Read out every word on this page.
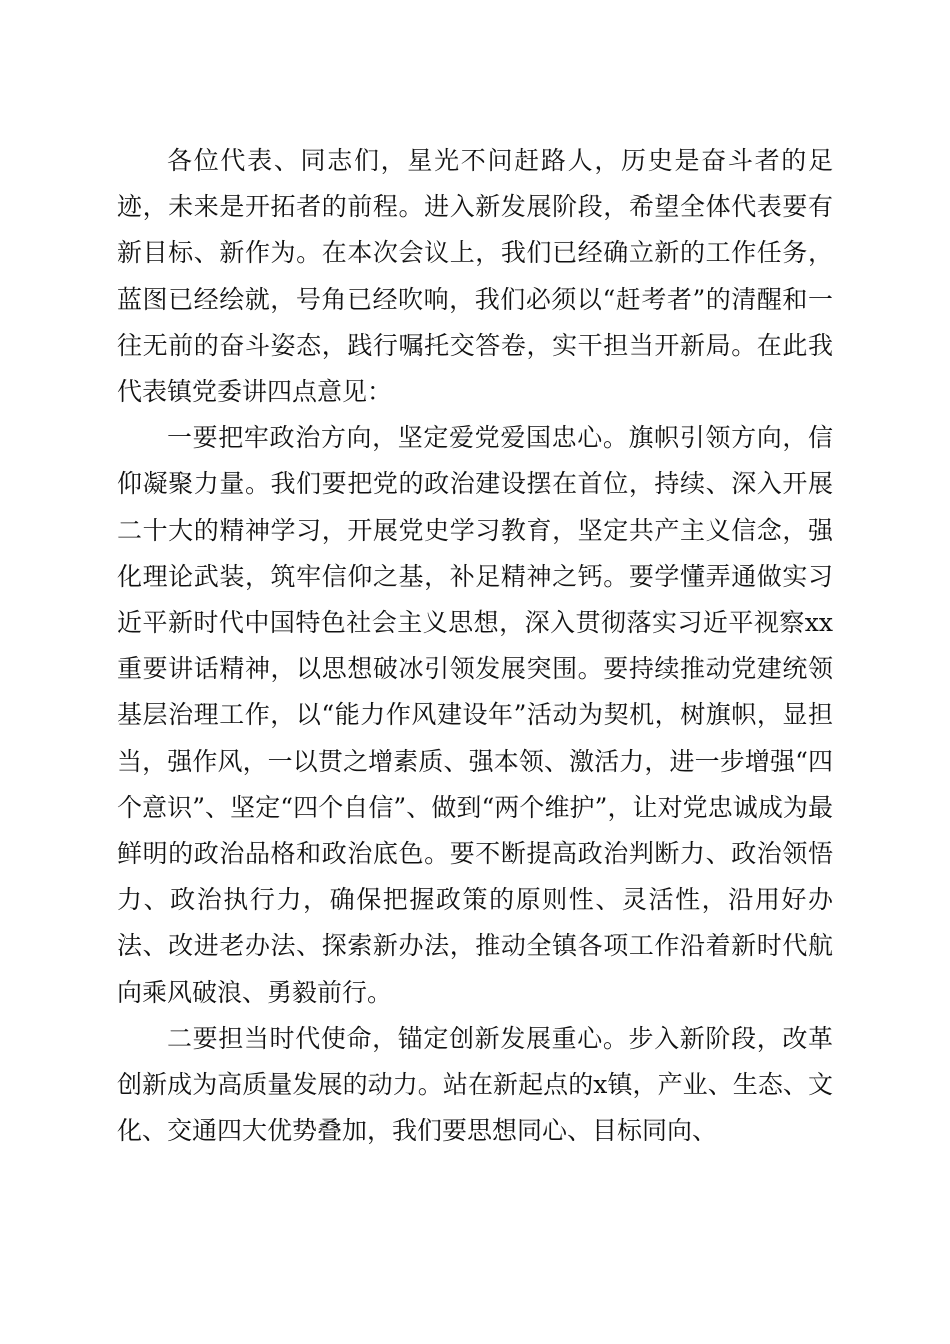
各位代表、同志们，星光不问赶路人，历史是奋斗者的足迹，未来是开拓者的前程。进入新发展阶段，希望全体代表要有新目标、新作为。在本次会议上，我们已经确立新的工作任务，蓝图已经绘就，号角已经吹响，我们必须以“赶考者”的清醒和一往无前的奋斗姿态，践行嘱托交答卷，实干担当开新局。在此我代表镇党委讲四点意见：

一要把牢政治方向，坚定爱党爱国忠心。旗帜引领方向，信仰凝聚力量。我们要把党的政治建设摆在首位，持续、深入开展二十大的精神学习，开展党史学习教育，坚定共产主义信念，强化理论武装，筑牢信仰之基，补足精神之钙。要学懂弄通做实习近平新时代中国特色社会主义思想，深入贯彻落实习近平视察xx重要讲话精神，以思想破冰引领发展突围。要持续推动党建统领基层治理工作，以“能力作风建设年”活动为契机，树旗帜，显担当，强作风，一以贯之增素质、强本领、激活力，进一步增强“四个意识”、坚定“四个自信”、做到“两个维护”，让对党忠诚成为最鲜明的政治品格和政治底色。要不断提高政治判断力、政治领悟力、政治执行力，确保把握政策的原则性、灵活性，沿用好办法、改进老办法、探索新办法，推动全镇各项工作沿着新时代航向乘风破浪、勇毅前行。

二要担当时代使命，锚定创新发展重心。步入新阶段，改革创新成为高质量发展的动力。站在新起点的x镇，产业、生态、文化、交通四大优势叠加，我们要思想同心、目标同向、
